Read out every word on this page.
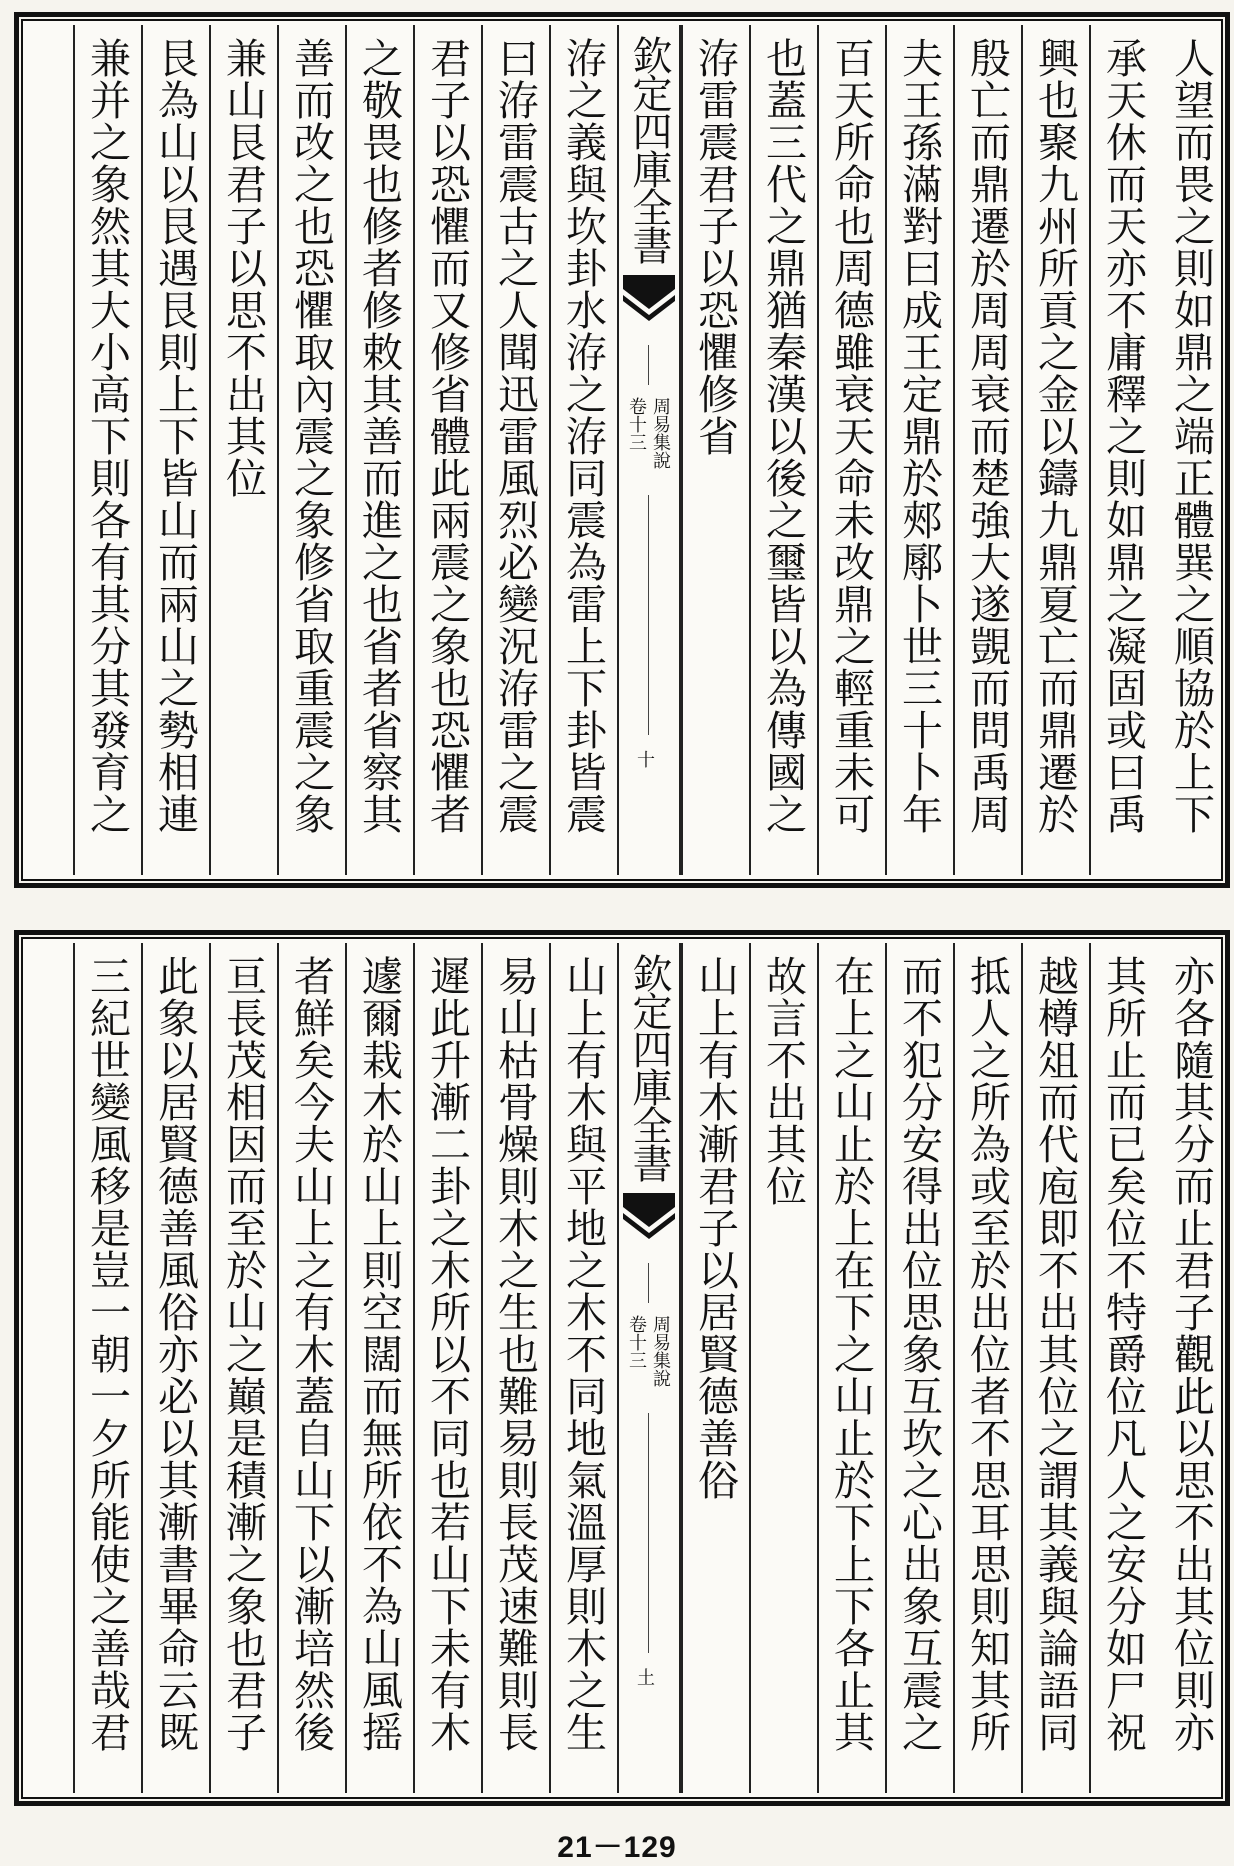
人望而畏之則如鼎之端正體巽之順協於上下
承天休而天亦不庸釋之則如鼎之凝固或曰禹
興也聚九州所貢之金以鑄九鼎夏亡而鼎遷於
殷亡而鼎遷於周周衰而楚強大遂覬而問禹周
夫王孫滿對曰成王定鼎於郟鄏卜世三十卜年
百天所命也周德雖衰天命未改鼎之輕重未可
也蓋三代之鼎猶秦漢以後之璽皆以為傳國之
洊雷震君子以恐懼修省
欽定四庫全書
周易集說
卷十三
十
洊之義與坎卦水洊之洊同震為雷上下卦皆震
曰洊雷震古之人聞迅雷風烈必變況洊雷之震
君子以恐懼而又修省體此兩震之象也恐懼者
之敬畏也修者修敕其善而進之也省者省察其
善而改之也恐懼取內震之象修省取重震之象
兼山艮君子以思不出其位
艮為山以艮遇艮則上下皆山而兩山之勢相連
兼并之象然其大小高下則各有其分其發育之
亦各隨其分而止君子觀此以思不出其位則亦
其所止而已矣位不特爵位凡人之安分如尸祝
越樽俎而代庖即不出其位之謂其義與論語同
抵人之所為或至於出位者不思耳思則知其所
而不犯分安得出位思象互坎之心出象互震之
在上之山止於上在下之山止於下上下各止其
故言不出其位
山上有木漸君子以居賢德善俗
欽定四庫全書
周易集說
卷十三
土
山上有木與平地之木不同地氣溫厚則木之生
易山枯骨燥則木之生也難易則長茂速難則長
遲此升漸二卦之木所以不同也若山下未有木
遽爾栽木於山上則空闊而無所依不為山風摇
者鮮矣今夫山上之有木蓋自山下以漸培然後
亘長茂相因而至於山之巔是積漸之象也君子
此象以居賢德善風俗亦必以其漸書畢命云既
三紀世變風移是豈一朝一夕所能使之善哉君
21－129
